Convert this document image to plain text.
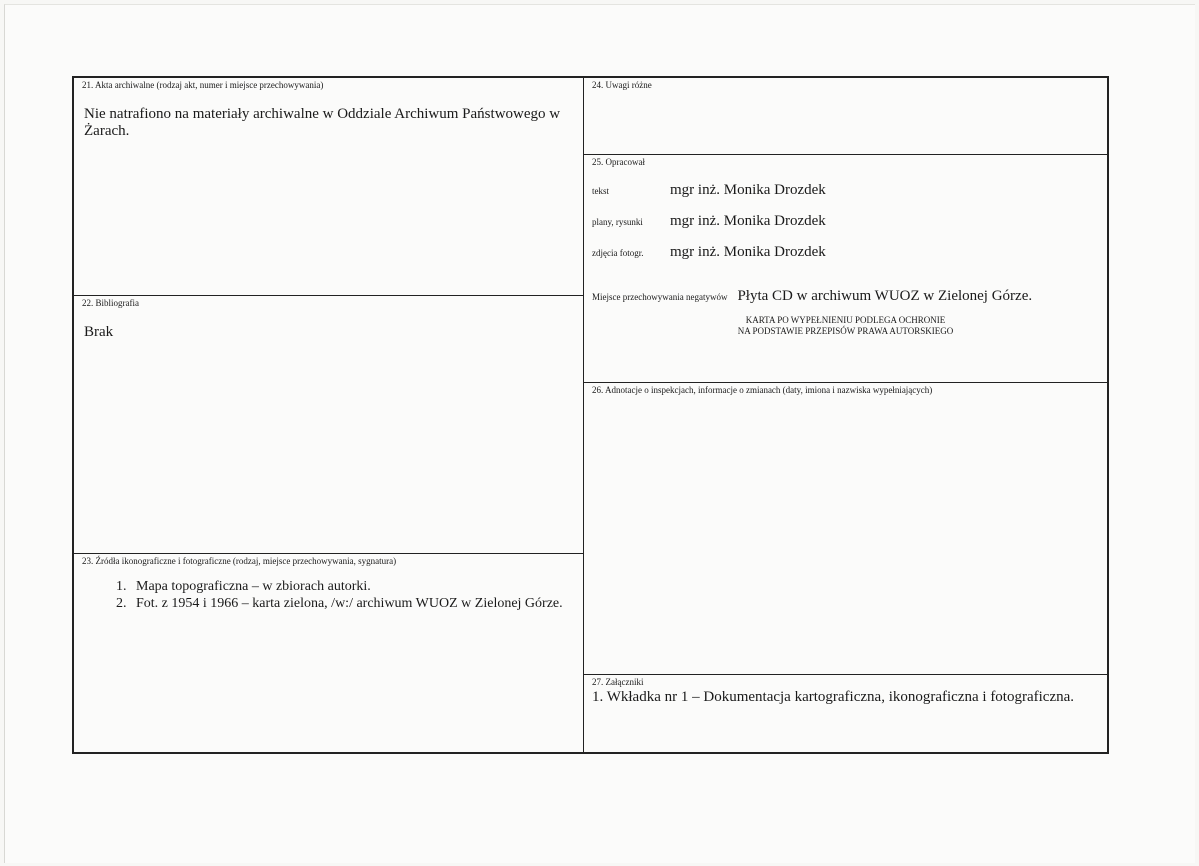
21. Akta archiwalne (rodzaj akt, numer i miejsce przechowywania)
Nie natrafiono na materiały archiwalne w Oddziale Archiwum Państwowego w Żarach.
22. Bibliografia
Brak
23. Źródła ikonograficzne i fotograficzne (rodzaj, miejsce przechowywania, sygnatura)
1. Mapa topograficzna – w zbiorach autorki.
2. Fot. z 1954 i 1966 – karta zielona, /w:/ archiwum WUOZ w Zielonej Górze.
24. Uwagi różne
25. Opracował
tekst	mgr inż. Monika Drozdek
plany, rysunki mgr inż. Monika Drozdek
zdjęcia fotogr. mgr inż. Monika Drozdek
Miejsce przechowywania negatywów Płyta CD w archiwum WUOZ w Zielonej Górze.
KARTA PO WYPEŁNIENIU PODLEGA OCHRONIE
NA PODSTAWIE PRZEPISÓW PRAWA AUTORSKIEGO
26. Adnotacje o inspekcjach, informacje o zmianach (daty, imiona i nazwiska wypełniających)
27. Załączniki
1. Wkładka nr 1 – Dokumentacja kartograficzna, ikonograficzna i fotograficzna.
